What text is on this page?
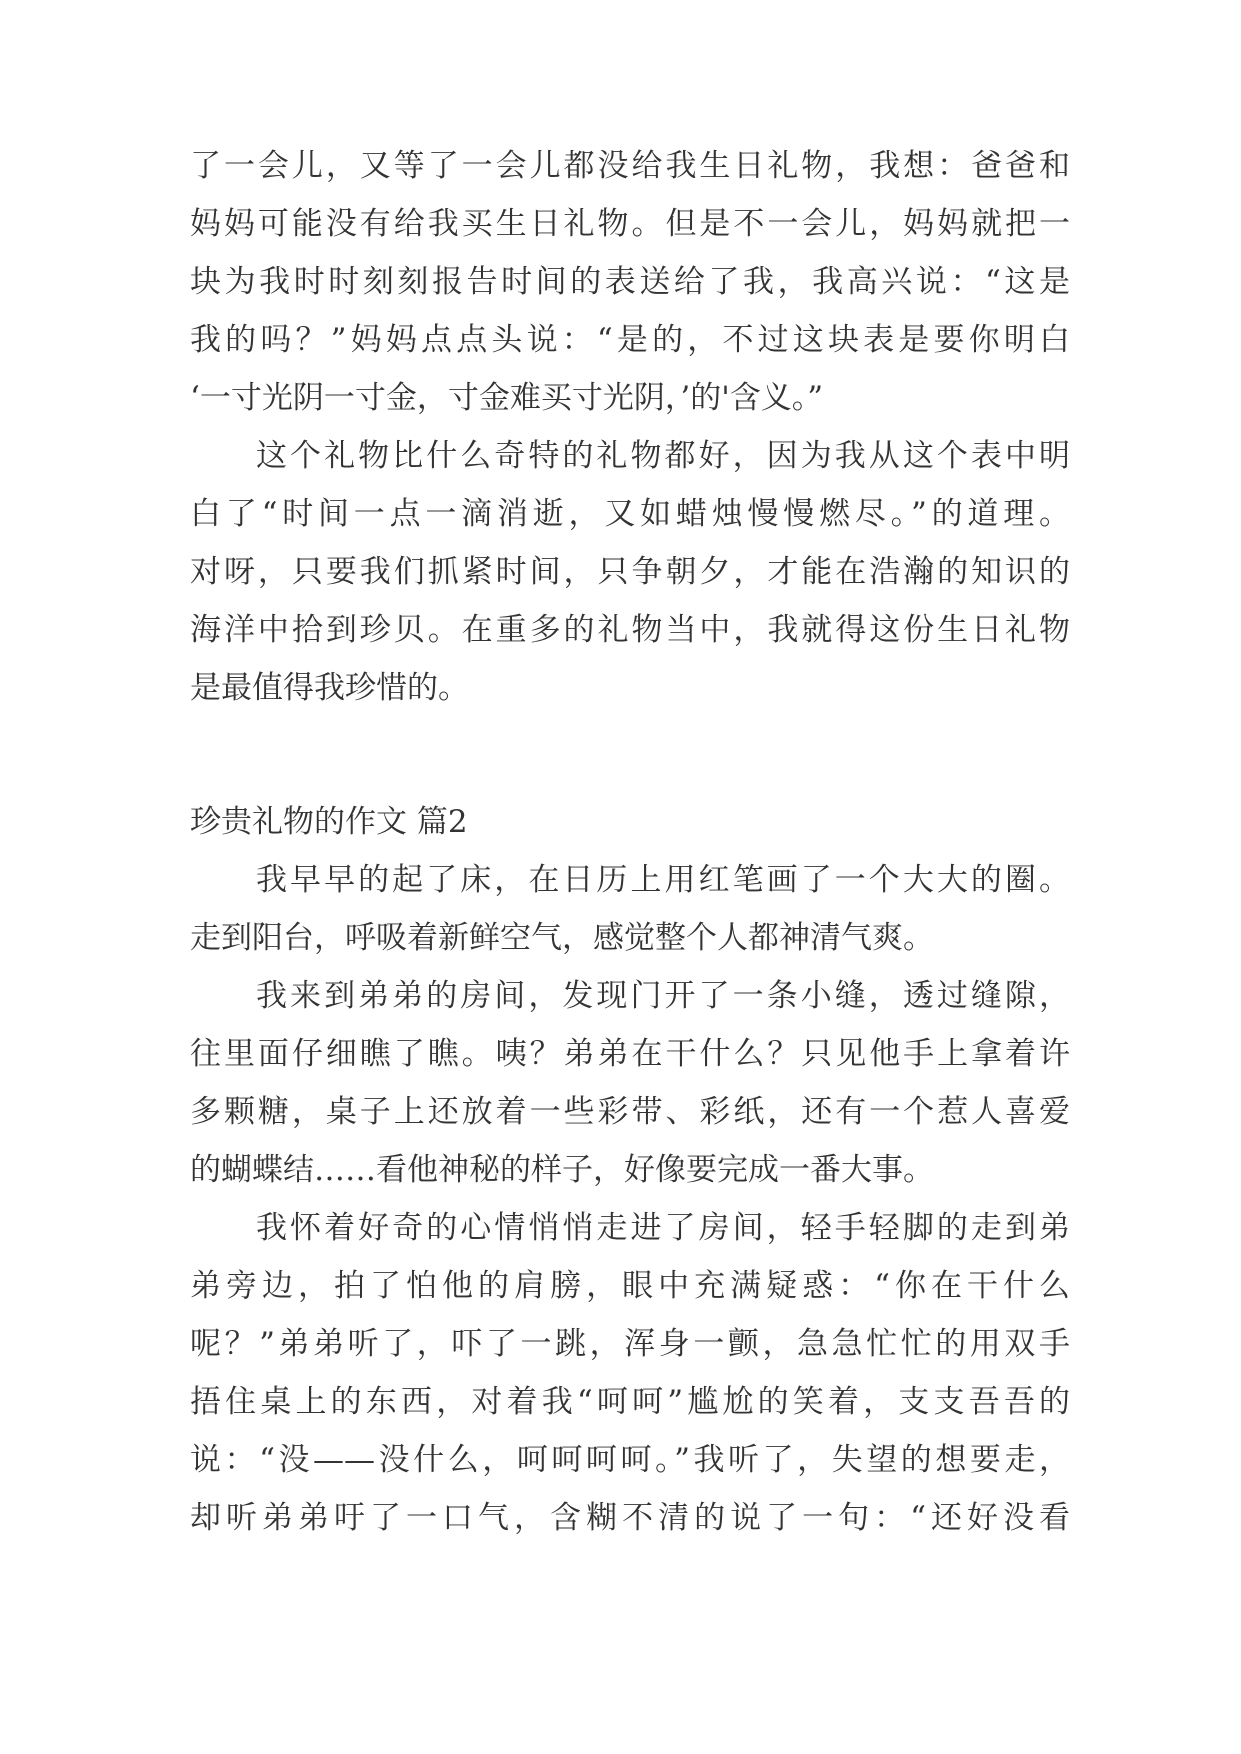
了一会儿，又等了一会儿都没给我生日礼物，我想：爸爸和
妈妈可能没有给我买生日礼物。但是不一会儿，妈妈就把一
块为我时时刻刻报告时间的表送给了我，我高兴说：“这是
我的吗？”妈妈点点头说：“是的，不过这块表是要你明白
‘一寸光阴一寸金，寸金难买寸光阴，’的'含义。”
这个礼物比什么奇特的礼物都好，因为我从这个表中明
白了“时间一点一滴消逝，又如蜡烛慢慢燃尽。”的道理。
对呀，只要我们抓紧时间，只争朝夕，才能在浩瀚的知识的
海洋中拾到珍贝。在重多的礼物当中，我就得这份生日礼物
是最值得我珍惜的。
珍贵礼物的作文 篇2
我早早的起了床，在日历上用红笔画了一个大大的圈。
走到阳台，呼吸着新鲜空气，感觉整个人都神清气爽。
我来到弟弟的房间，发现门开了一条小缝，透过缝隙，
往里面仔细瞧了瞧。咦？弟弟在干什么？只见他手上拿着许
多颗糖，桌子上还放着一些彩带、彩纸，还有一个惹人喜爱
的蝴蝶结……看他神秘的样子，好像要完成一番大事。
我怀着好奇的心情悄悄走进了房间，轻手轻脚的走到弟
弟旁边，拍了怕他的肩膀，眼中充满疑惑：“你在干什么
呢？”弟弟听了，吓了一跳，浑身一颤，急急忙忙的用双手
捂住桌上的东西，对着我“呵呵”尴尬的笑着，支支吾吾的
说：“没——没什么，呵呵呵呵。”我听了，失望的想要走，
却听弟弟吁了一口气，含糊不清的说了一句：“还好没看
